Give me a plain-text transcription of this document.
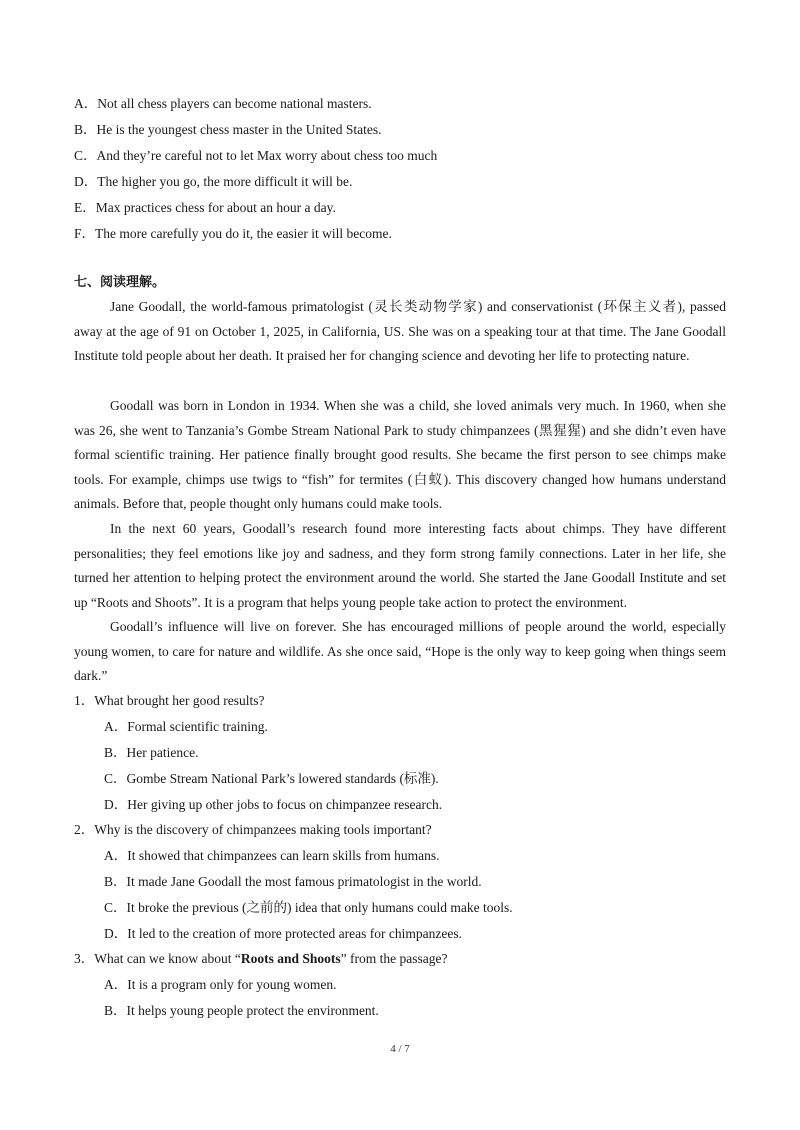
A．Not all chess players can become national masters.
B．He is the youngest chess master in the United States.
C．And they’re careful not to let Max worry about chess too much
D．The higher you go, the more difficult it will be.
E．Max practices chess for about an hour a day.
F．The more carefully you do it, the easier it will become.
七、阅读理解。

Jane Goodall, the world-famous primatologist (灵长类动物学家) and conservationist (环保主义者), passed away at the age of 91 on October 1, 2025, in California, US. She was on a speaking tour at that time. The Jane Goodall Institute told people about her death. It praised her for changing science and devoting her life to protecting nature.

Goodall was born in London in 1934. When she was a child, she loved animals very much. In 1960, when she was 26, she went to Tanzania’s Gombe Stream National Park to study chimpanzees (黑猩猩) and she didn’t even have formal scientific training. Her patience finally brought good results. She became the first person to see chimps make tools. For example, chimps use twigs to “fish” for termites (白蚁). This discovery changed how humans understand animals. Before that, people thought only humans could make tools.

In the next 60 years, Goodall’s research found more interesting facts about chimps. They have different personalities; they feel emotions like joy and sadness, and they form strong family connections. Later in her life, she turned her attention to helping protect the environment around the world. She started the Jane Goodall Institute and set up “Roots and Shoots”. It is a program that helps young people take action to protect the environment.

Goodall’s influence will live on forever. She has encouraged millions of people around the world, especially young women, to care for nature and wildlife. As she once said, “Hope is the only way to keep going when things seem dark.”

1．What brought her good results?
A．Formal scientific training.
B．Her patience.
C．Gombe Stream National Park’s lowered standards (标准).
D．Her giving up other jobs to focus on chimpanzee research.
2．Why is the discovery of chimpanzees making tools important?
A．It showed that chimpanzees can learn skills from humans.
B．It made Jane Goodall the most famous primatologist in the world.
C．It broke the previous (之前的) idea that only humans could make tools.
D．It led to the creation of more protected areas for chimpanzees.
3．What can we know about “Roots and Shoots” from the passage?
A．It is a program only for young women.
B．It helps young people protect the environment.
4 / 7
